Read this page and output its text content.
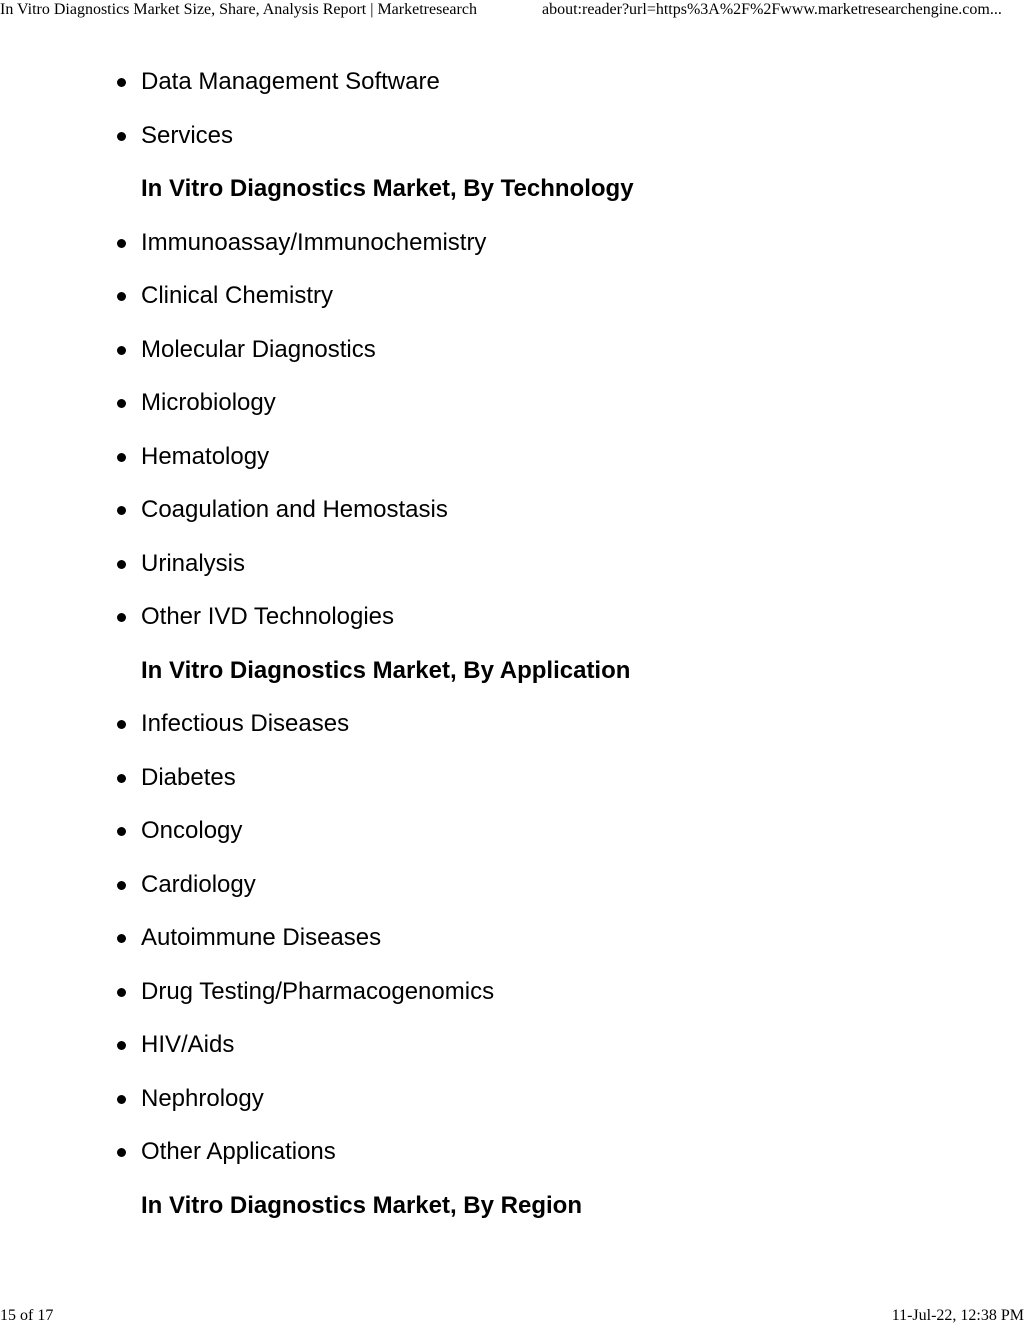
In Vitro Diagnostics Market Size, Share, Analysis Report | Marketresearch	about:reader?url=https%3A%2F%2Fwww.marketresearchengine.com...
Data Management Software
Services
In Vitro Diagnostics Market, By Technology
Immunoassay/Immunochemistry
Clinical Chemistry
Molecular Diagnostics
Microbiology
Hematology
Coagulation and Hemostasis
Urinalysis
Other IVD Technologies
In Vitro Diagnostics Market, By Application
Infectious Diseases
Diabetes
Oncology
Cardiology
Autoimmune Diseases
Drug Testing/Pharmacogenomics
HIV/Aids
Nephrology
Other Applications
In Vitro Diagnostics Market, By Region
15 of 17	11-Jul-22, 12:38 PM
